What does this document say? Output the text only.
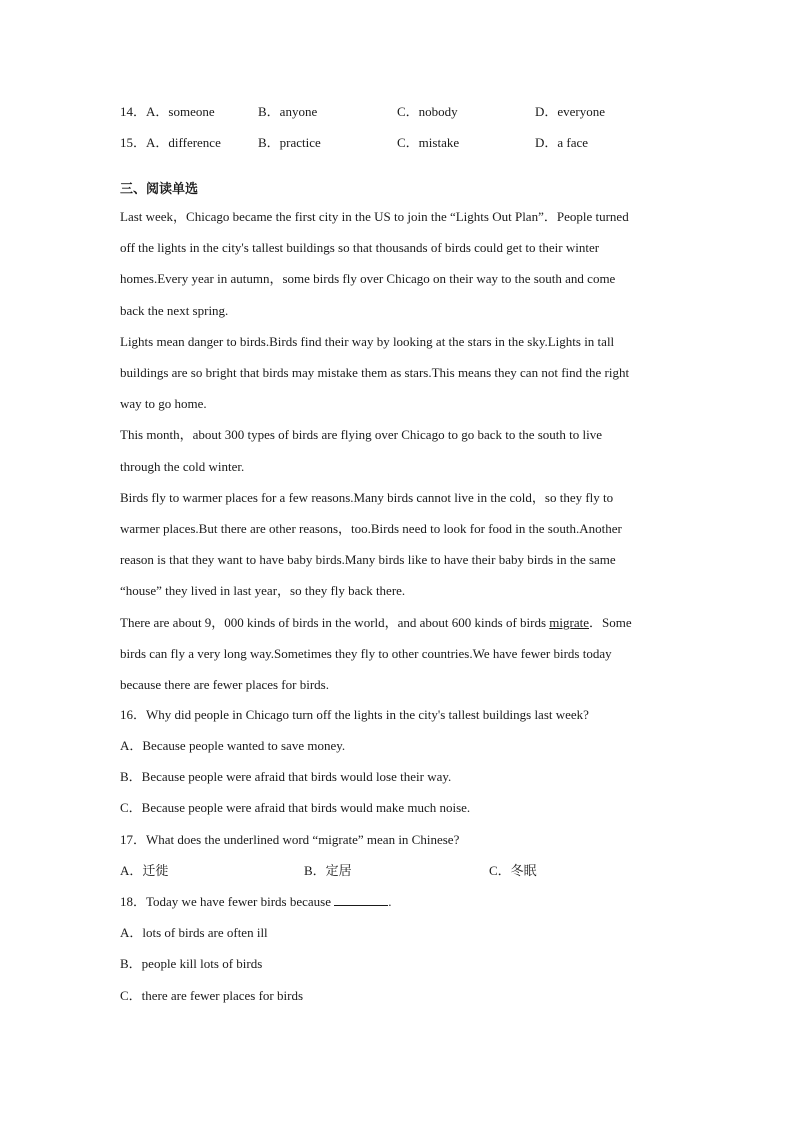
14．A．someone	B．anyone	C．nobody	D．everyone
15．A．difference	B．practice	C．mistake	D．a face
三、阅读单选
Last week，Chicago became the first city in the US to join the “Lights Out Plan”．People turned
off the lights in the city's tallest buildings so that thousands of birds could get to their winter
homes.Every year in autumn，some birds fly over Chicago on their way to the south and come
back the next spring.
Lights mean danger to birds.Birds find their way by looking at the stars in the sky.Lights in tall
buildings are so bright that birds may mistake them as stars.This means they can not find the right
way to go home.
This month，about 300 types of birds are flying over Chicago to go back to the south to live
through the cold winter.
Birds fly to warmer places for a few reasons.Many birds cannot live in the cold，so they fly to
warmer places.But there are other reasons，too.Birds need to look for food in the south.Another
reason is that they want to have baby birds.Many birds like to have their baby birds in the same
“house” they lived in last year，so they fly back there.
There are about 9，000 kinds of birds in the world，and about 600 kinds of birds migrate．Some
birds can fly a very long way.Sometimes they fly to other countries.We have fewer birds today
because there are fewer places for birds.
16．Why did people in Chicago turn off the lights in the city's tallest buildings last week?
A．Because people wanted to save money.
B．Because people were afraid that birds would lose their way.
C．Because people were afraid that birds would make much noise.
17．What does the underlined word “migrate” mean in Chinese?
A．迁徙	B．定居	C．冬眠
18．Today we have fewer birds because	.
A．lots of birds are often ill
B．people kill lots of birds
C．there are fewer places for birds
